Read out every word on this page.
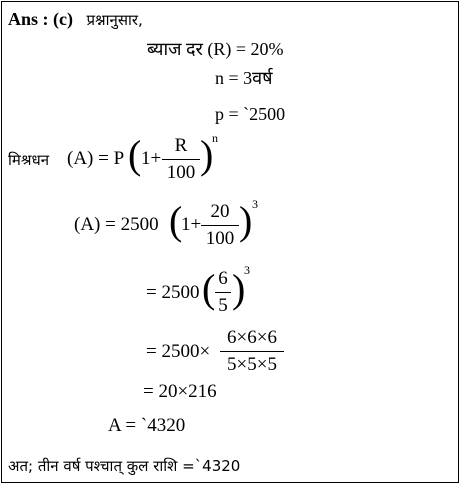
Ans : (c) प्रश्नानुसार,
ब्याज दर (R) = 20%
n = 3वर्ष
p = `2500
मिश्रधन (A) = P ( 1+
R
100 )
n
(A) = 2500 (
1+
20
100 ) 3
= 2500 ( 6
5 )
3
= 2500×
6×6×6
5×5×5
= 20×216
A = `4320
अत; तीन वर्ष पश्चात् कुल राशि =`4320
